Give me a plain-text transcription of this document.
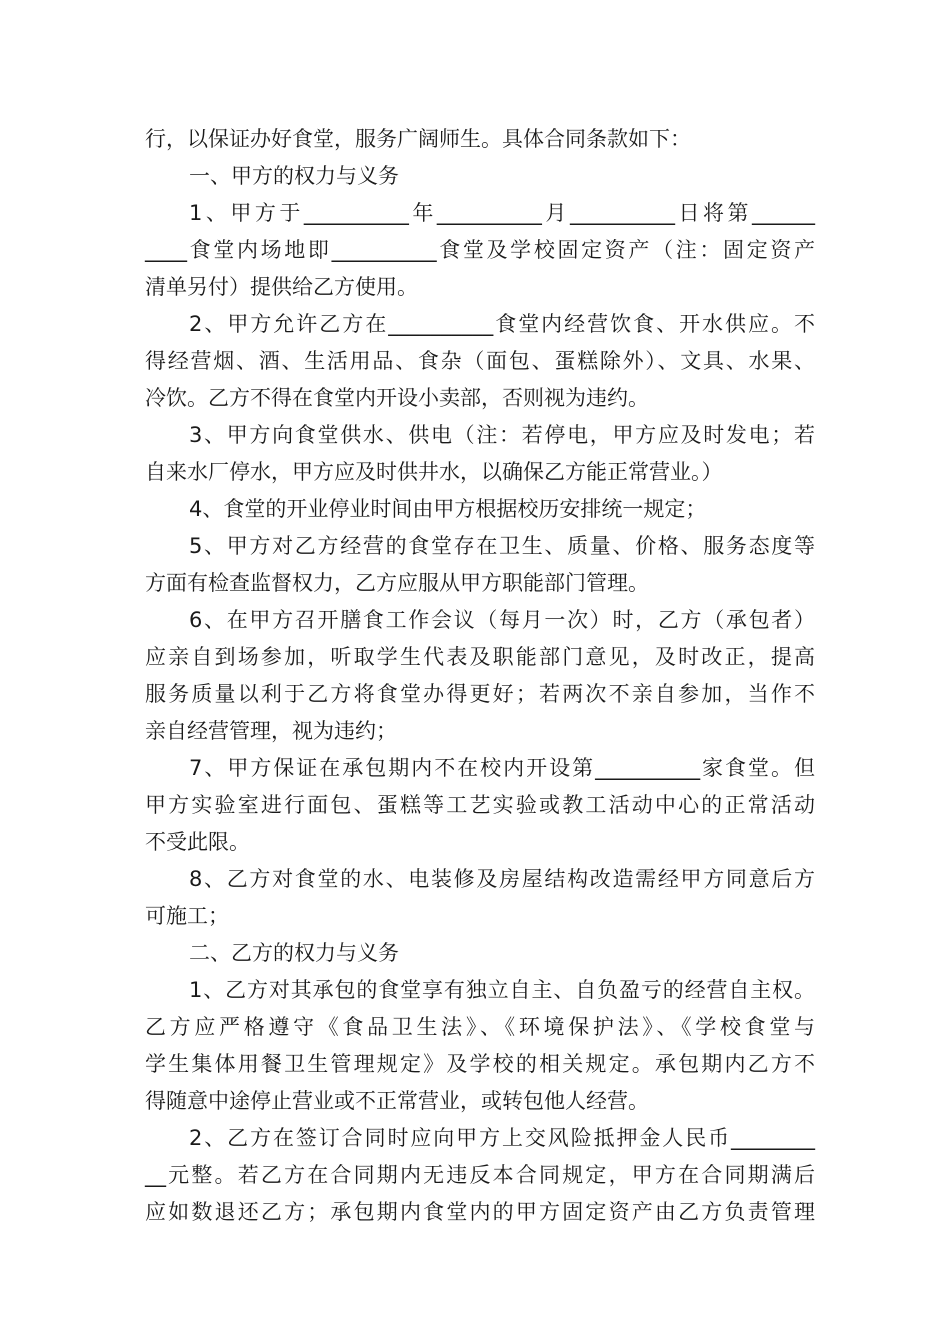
行，以保证办好食堂，服务广阔师生。具体合同条款如下：
一、甲方的权力与义务
1、甲方于__________年__________月__________日将第______
____食堂内场地即__________食堂及学校固定资产（注：固定资产
清单另付）提供给乙方使用。
2、甲方允许乙方在__________食堂内经营饮食、开水供应。不
得经营烟、酒、生活用品、食杂（面包、蛋糕除外）、文具、水果、
冷饮。乙方不得在食堂内开设小卖部，否则视为违约。
3、甲方向食堂供水、供电（注：若停电，甲方应及时发电；若
自来水厂停水，甲方应及时供井水，以确保乙方能正常营业。）
4、食堂的开业停业时间由甲方根据校历安排统一规定；
5、甲方对乙方经营的食堂存在卫生、质量、价格、服务态度等
方面有检查监督权力，乙方应服从甲方职能部门管理。
6、在甲方召开膳食工作会议（每月一次）时，乙方（承包者）
应亲自到场参加，听取学生代表及职能部门意见，及时改正，提高
服务质量以利于乙方将食堂办得更好；若两次不亲自参加，当作不
亲自经营管理，视为违约；
7、甲方保证在承包期内不在校内开设第__________家食堂。但
甲方实验室进行面包、蛋糕等工艺实验或教工活动中心的正常活动
不受此限。
8、乙方对食堂的水、电装修及房屋结构改造需经甲方同意后方
可施工；
二、乙方的权力与义务
1、乙方对其承包的食堂享有独立自主、自负盈亏的经营自主权。
乙方应严格遵守《食品卫生法》、《环境保护法》、《学校食堂与
学生集体用餐卫生管理规定》及学校的相关规定。承包期内乙方不
得随意中途停止营业或不正常营业，或转包他人经营。
2、乙方在签订合同时应向甲方上交风险抵押金人民币________
__元整。若乙方在合同期内无违反本合同规定，甲方在合同期满后
应如数退还乙方；承包期内食堂内的甲方固定资产由乙方负责管理
